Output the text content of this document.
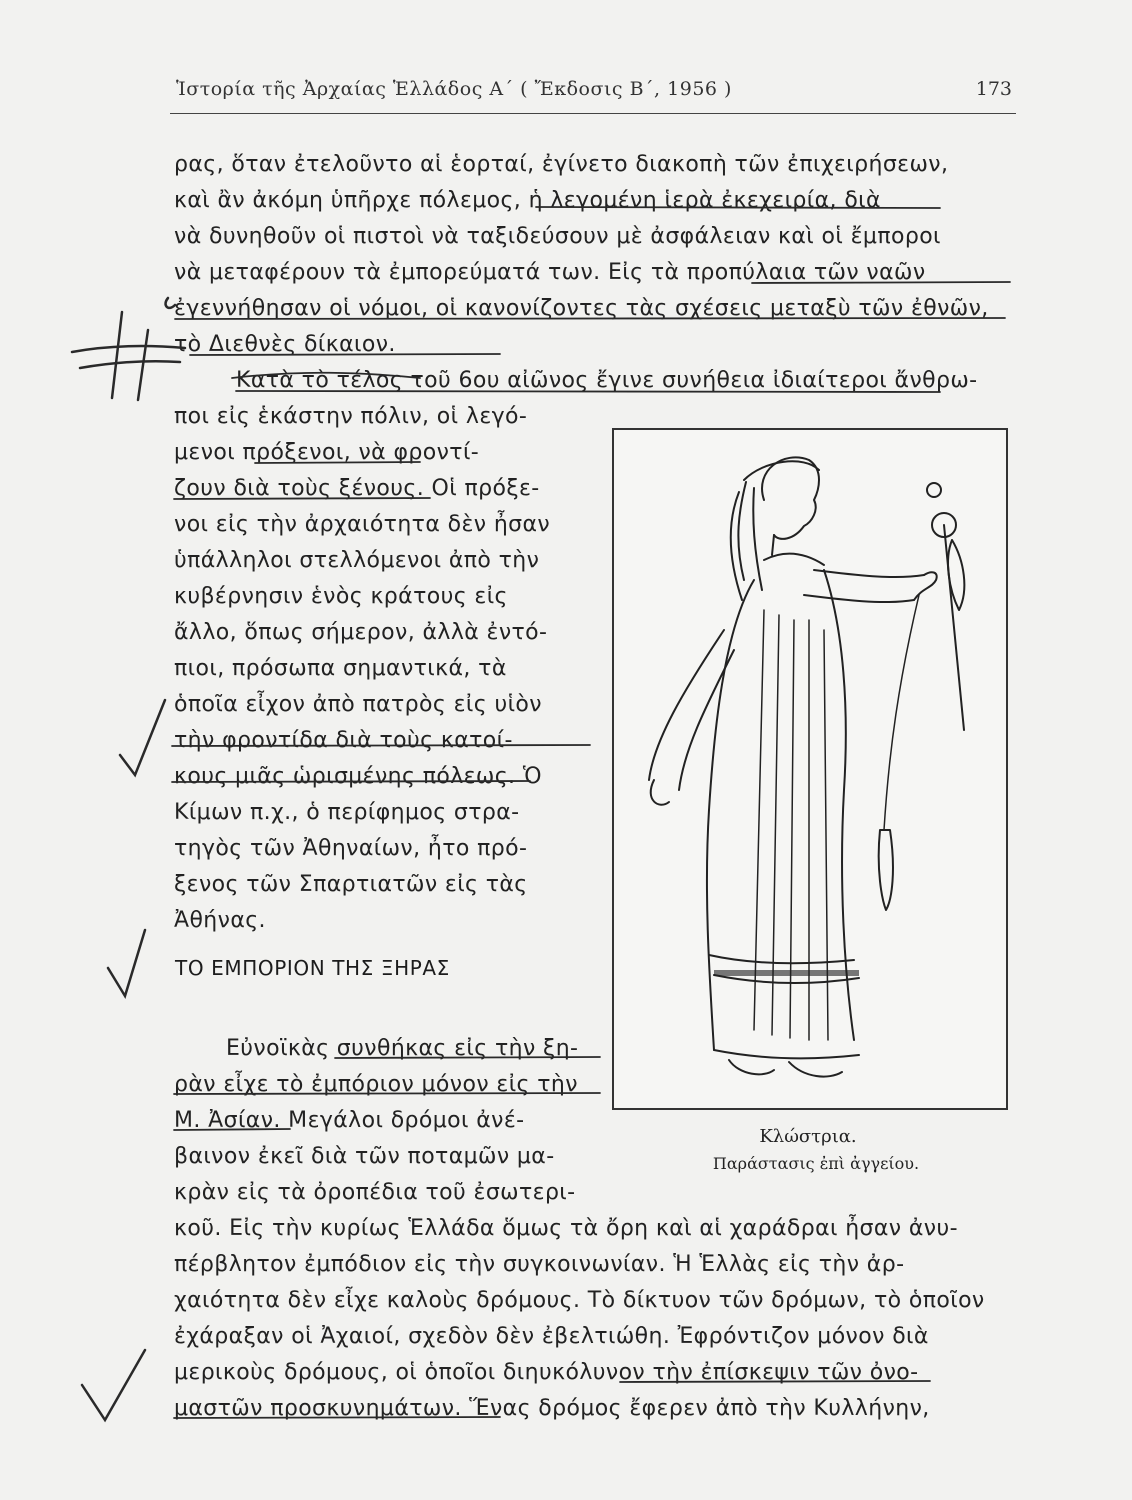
Ἱστορία τῆς Ἀρχαίας Ἑλλάδος Α΄ ( Ἔκδοσις Β΄, 1956 )	173
ρας, ὅταν ἐτελοῦντο αἱ ἑορταί, ἐγίνετο διακοπὴ τῶν ἐπιχειρήσεων,
καὶ ἂν ἀκόμη ὑπῆρχε πόλεμος, ἡ λεγομένη ἱερὰ ἐκεχειρία, διὰ
νὰ δυνηθοῦν οἱ πιστοὶ νὰ ταξιδεύσουν μὲ ἀσφάλειαν καὶ οἱ ἔμποροι
νὰ μεταφέρουν τὰ ἐμπορεύματά των. Εἰς τὰ προπύλαια τῶν ναῶν
ἐγεννήθησαν οἱ νόμοι, οἱ κανονίζοντες τὰς σχέσεις μεταξὺ τῶν ἐθνῶν,
τὸ Διεθνὲς δίκαιον.
Κατὰ τὸ τέλος τοῦ 6ου αἰῶνος ἔγινε συνήθεια ἰδιαίτεροι ἄνθρω-
ποι εἰς ἑκάστην πόλιν, οἱ λεγό-
μενοι πρόξενοι, νὰ φροντί-
ζουν διὰ τοὺς ξένους. Οἱ πρόξε-
νοι εἰς τὴν ἀρχαιότητα δὲν ἦσαν
ὑπάλληλοι στελλόμενοι ἀπὸ τὴν
κυβέρνησιν ἑνὸς κράτους εἰς
ἄλλο, ὅπως σήμερον, ἀλλὰ ἐντό-
πιοι, πρόσωπα σημαντικά, τὰ
ὁποῖα εἶχον ἀπὸ πατρὸς εἰς υἱὸν
τὴν φροντίδα διὰ τοὺς κατοί-
κους μιᾶς ὡρισμένης πόλεως. Ὁ
Κίμων π.χ., ὁ περίφημος στρα-
τηγὸς τῶν Ἀθηναίων, ἦτο πρό-
ξενος τῶν Σπαρτιατῶν εἰς τὰς
Ἀθήνας.
ΤΟ ΕΜΠΟΡΙΟΝ ΤΗΣ ΞΗΡΑΣ
Εὐνοϊκὰς συνθήκας εἰς τὴν ξη-
ρὰν εἶχε τὸ ἐμπόριον μόνον εἰς τὴν
Μ. Ἀσίαν. Μεγάλοι δρόμοι ἀνέ-
βαινον ἐκεῖ διὰ τῶν ποταμῶν μα-
κρὰν εἰς τὰ ὀροπέδια τοῦ ἐσωτερι-
κοῦ. Εἰς τὴν κυρίως Ἑλλάδα ὅμως τὰ ὄρη καὶ αἱ χαράδραι ἦσαν ἀνυ-
πέρβλητον ἐμπόδιον εἰς τὴν συγκοινωνίαν. Ἡ Ἑλλὰς εἰς τὴν ἀρ-
χαιότητα δὲν εἶχε καλοὺς δρόμους. Τὸ δίκτυον τῶν δρόμων, τὸ ὁποῖον
ἐχάραξαν οἱ Ἀχαιοί, σχεδὸν δὲν ἐβελτιώθη. Ἐφρόντιζον μόνον διὰ
μερικοὺς δρόμους, οἱ ὁποῖοι διηυκόλυνον τὴν ἐπίσκεψιν τῶν ὀνο-
μαστῶν προσκυνημάτων. Ἕνας δρόμος ἔφερεν ἀπὸ τὴν Κυλλήνην,
Κλώστρια.
Παράστασις ἐπὶ ἀγγείου.
